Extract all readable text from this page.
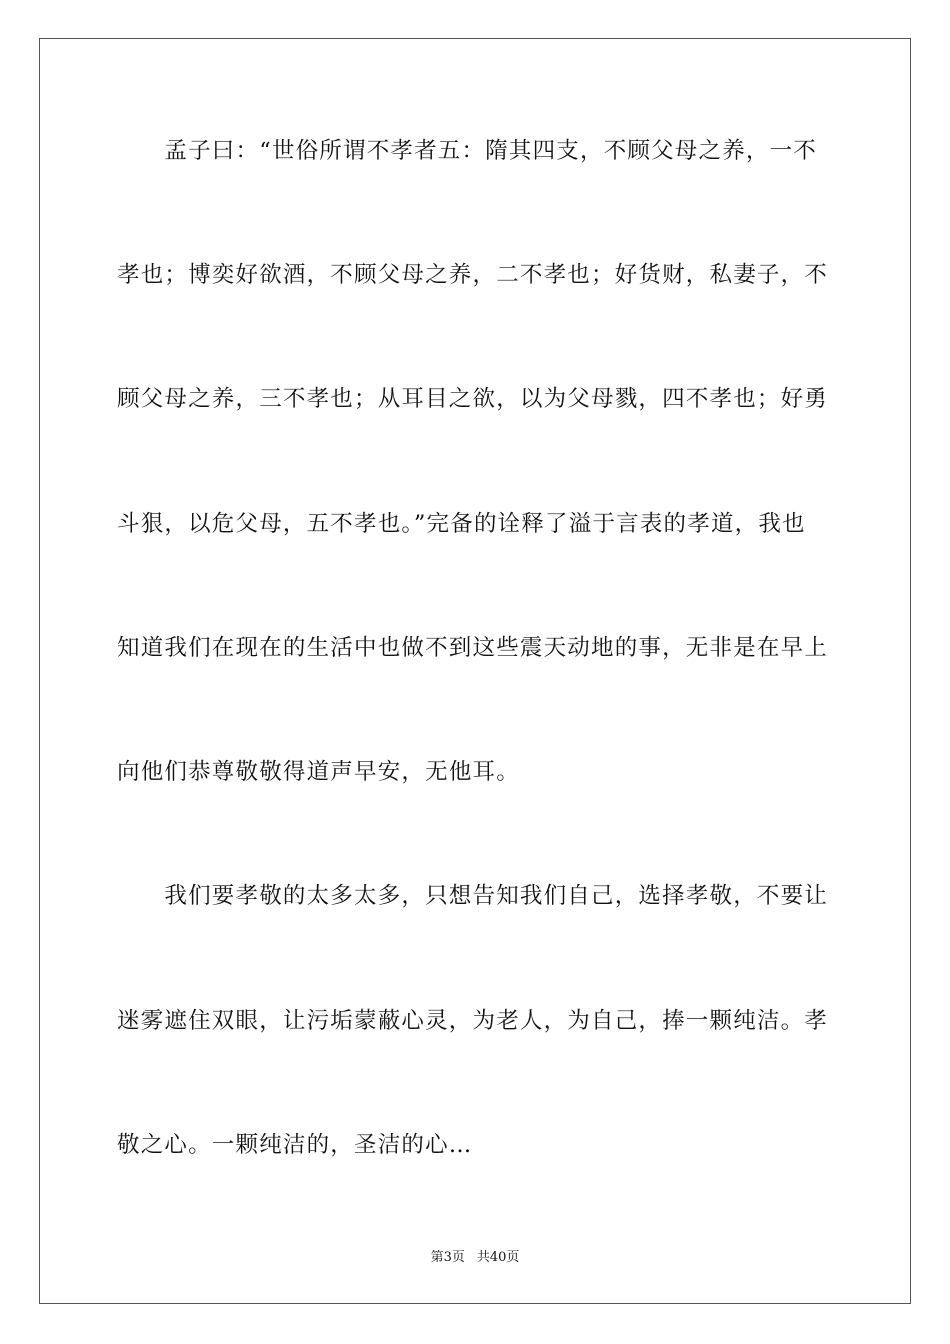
　　孟子曰：“世俗所谓不孝者五：隋其四支，不顾父母之养，一不
孝也；博奕好欲酒，不顾父母之养，二不孝也；好货财，私妻子，不
顾父母之养，三不孝也；从耳目之欲，以为父母戮，四不孝也；好勇
斗狠，以危父母，五不孝也。”完备的诠释了溢于言表的孝道，我也
知道我们在现在的生活中也做不到这些震天动地的事，无非是在早上
向他们恭尊敬敬得道声早安，无他耳。
　　我们要孝敬的太多太多，只想告知我们自己，选择孝敬，不要让
迷雾遮住双眼，让污垢蒙蔽心灵，为老人，为自己，捧一颗纯洁。孝
敬之心。一颗纯洁的，圣洁的心…
第3页 共40页
